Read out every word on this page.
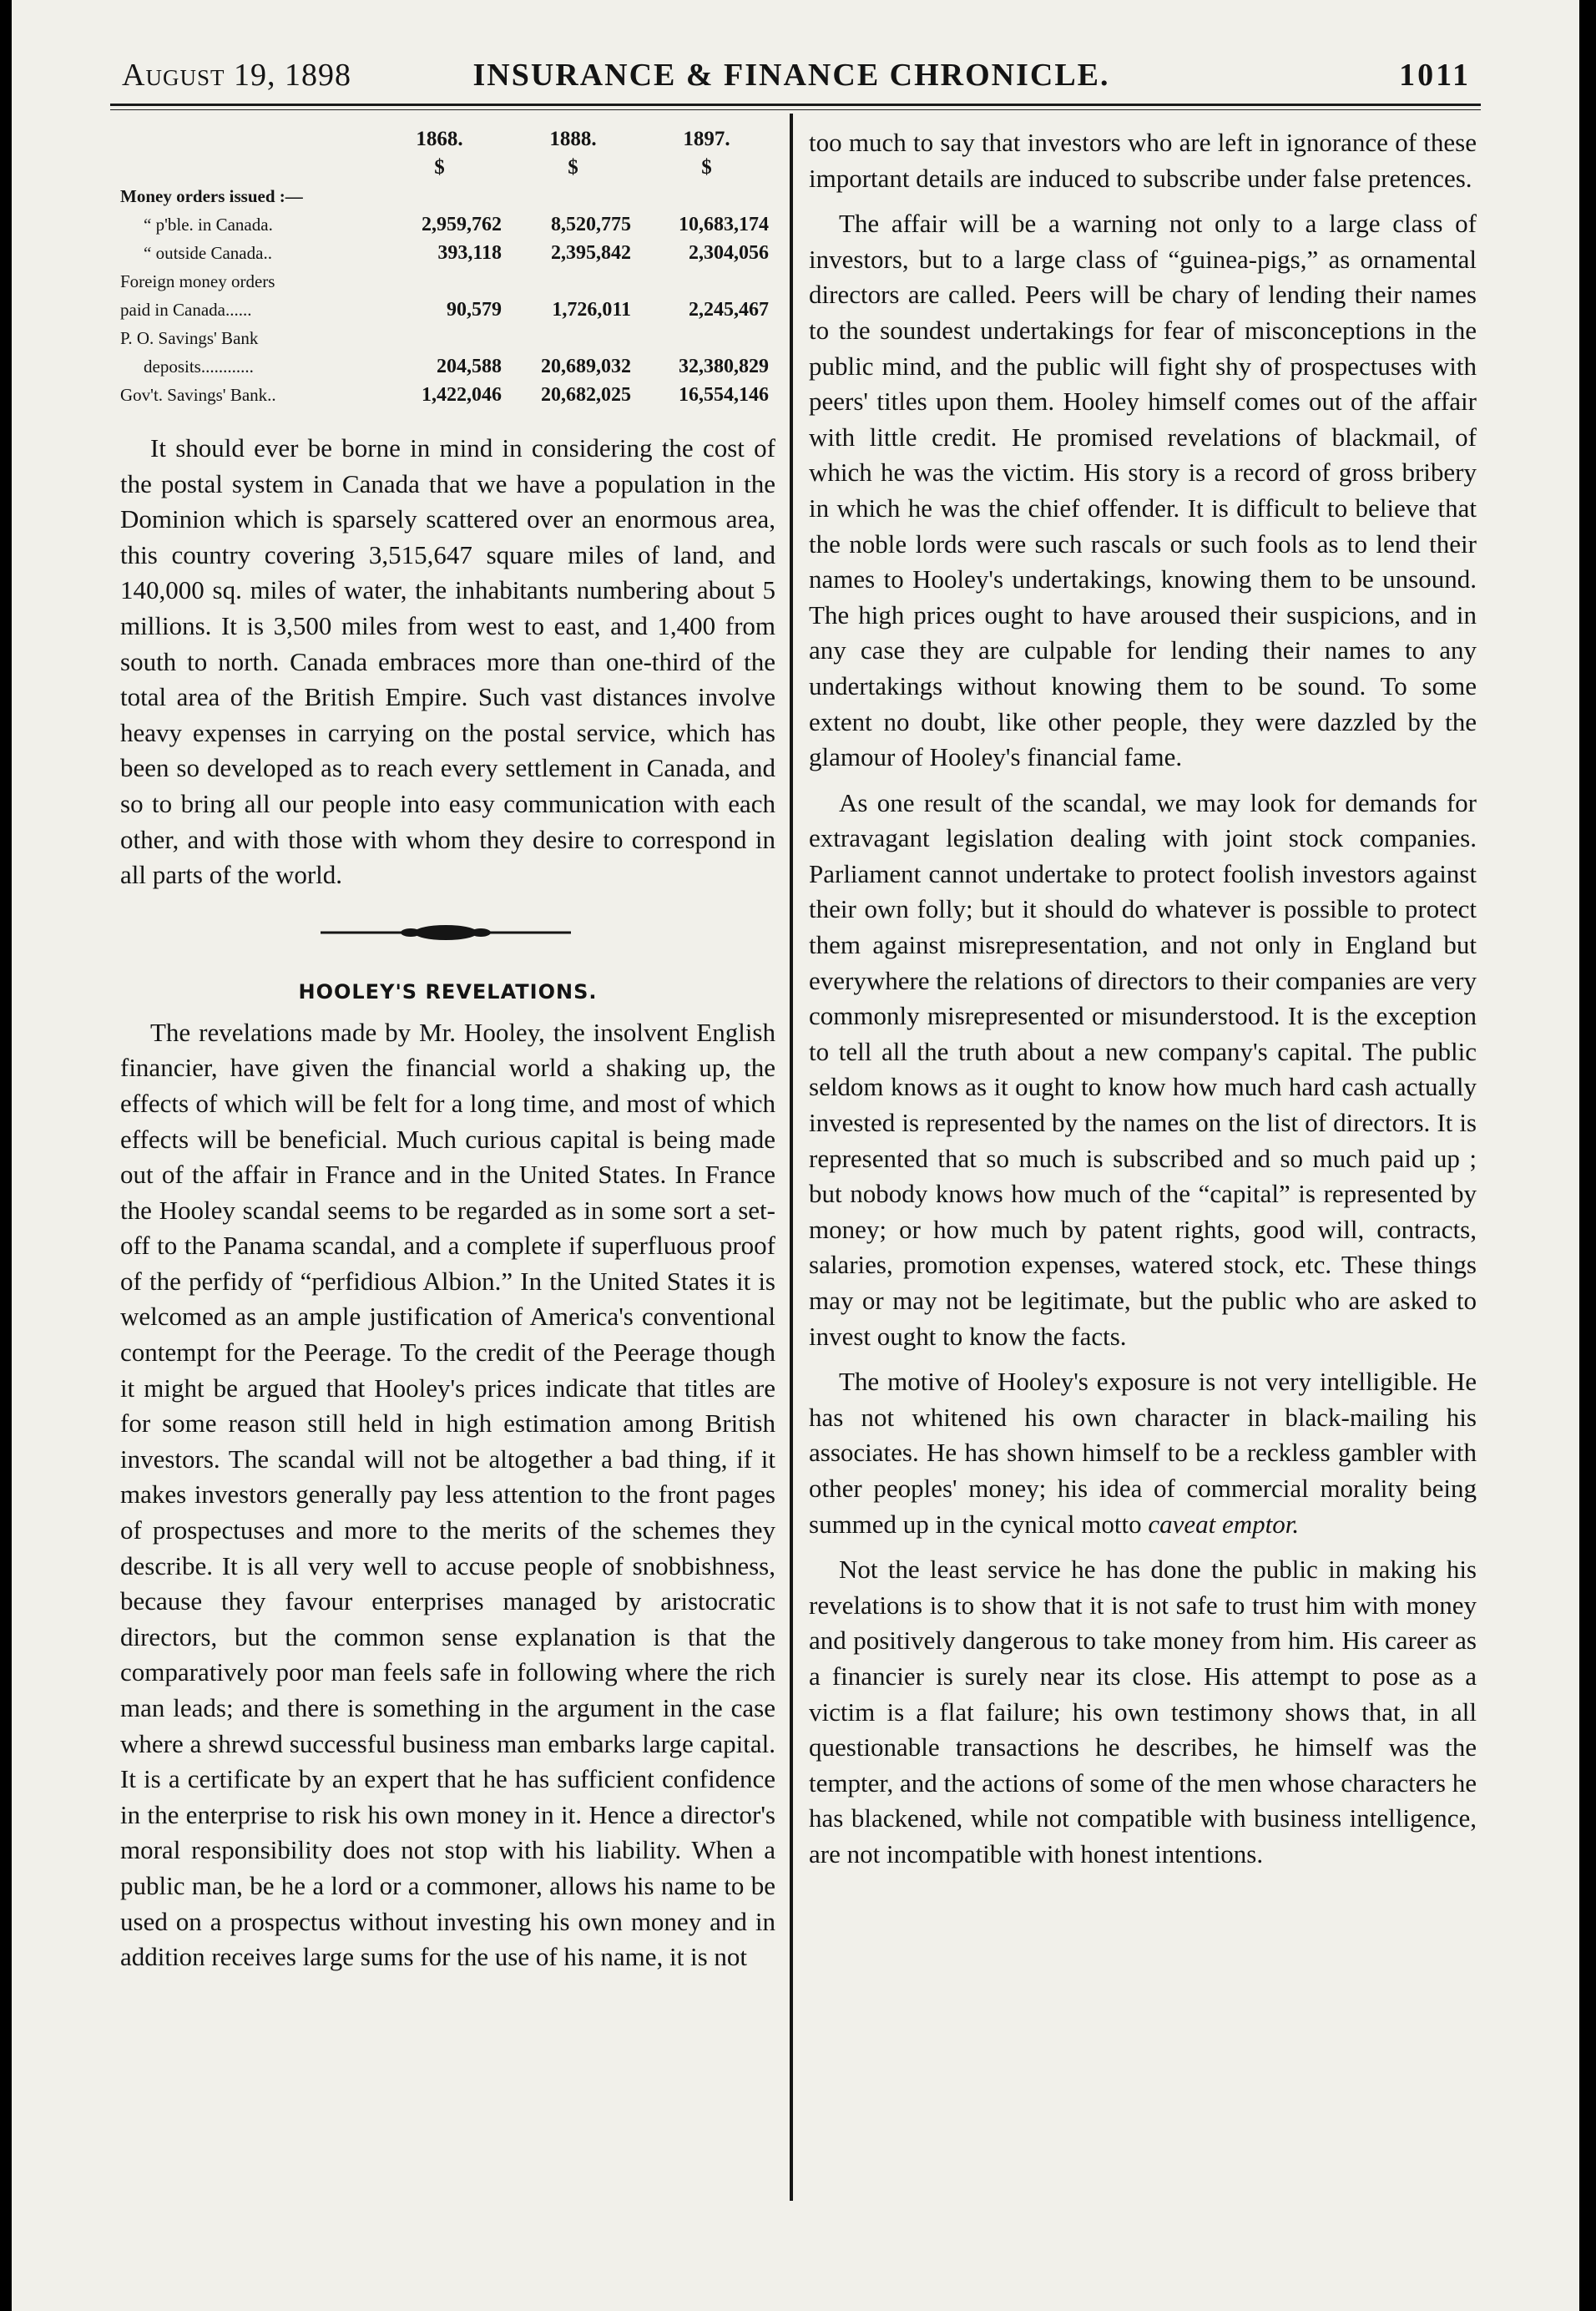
August 19, 1898	INSURANCE & FINANCE CHRONICLE.	1011
	1868.	1888.	1897.
	$	$	$
Money orders issued :—			
“ p'ble. in Canada.	2,959,762	8,520,775	10,683,174
“ outside Canada..	393,118	2,395,842	2,304,056
Foreign money orders			
paid in Canada......	90,579	1,726,011	2,245,467
P. O. Savings' Bank			
deposits............	204,588	20,689,032	32,380,829
Gov't. Savings' Bank..	1,422,046	20,682,025	16,554,146

It should ever be borne in mind in considering the cost of the postal system in Canada that we have a population in the Dominion which is sparsely scattered over an enormous area, this country covering 3,515,647 square miles of land, and 140,000 sq. miles of water, the inhabitants numbering about 5 millions. It is 3,500 miles from west to east, and 1,400 from south to north. Canada embraces more than one-third of the total area of the British Empire. Such vast distances involve heavy expenses in carrying on the postal service, which has been so developed as to reach every settlement in Canada, and so to bring all our people into easy communication with each other, and with those with whom they desire to correspond in all parts of the world.

HOOLEY'S REVELATIONS.

The revelations made by Mr. Hooley, the insolvent English financier, have given the financial world a shaking up, the effects of which will be felt for a long time, and most of which effects will be beneficial. Much curious capital is being made out of the affair in France and in the United States. In France the Hooley scandal seems to be regarded as in some sort a set-off to the Panama scandal, and a complete if superfluous proof of the perfidy of “perfidious Albion.” In the United States it is welcomed as an ample justification of America's conventional contempt for the Peerage. To the credit of the Peerage though it might be argued that Hooley's prices indicate that titles are for some reason still held in high estimation among British investors. The scandal will not be altogether a bad thing, if it makes investors generally pay less attention to the front pages of prospectuses and more to the merits of the schemes they describe. It is all very well to accuse people of snobbishness, because they favour enterprises managed by aristocratic directors, but the common sense explanation is that the comparatively poor man feels safe in following where the rich man leads; and there is something in the argument in the case where a shrewd successful business man embarks large capital. It is a certificate by an expert that he has sufficient confidence in the enterprise to risk his own money in it. Hence a director's moral responsibility does not stop with his liability. When a public man, be he a lord or a commoner, allows his name to be used on a prospectus without investing his own money and in addition receives large sums for the use of his name, it is not

too much to say that investors who are left in ignorance of these important details are induced to subscribe under false pretences.

The affair will be a warning not only to a large class of investors, but to a large class of “guinea-pigs,” as ornamental directors are called. Peers will be chary of lending their names to the soundest undertakings for fear of misconceptions in the public mind, and the public will fight shy of prospectuses with peers' titles upon them. Hooley himself comes out of the affair with little credit. He promised revelations of blackmail, of which he was the victim. His story is a record of gross bribery in which he was the chief offender. It is difficult to believe that the noble lords were such rascals or such fools as to lend their names to Hooley's undertakings, knowing them to be unsound. The high prices ought to have aroused their suspicions, and in any case they are culpable for lending their names to any undertakings without knowing them to be sound. To some extent no doubt, like other people, they were dazzled by the glamour of Hooley's financial fame.

As one result of the scandal, we may look for demands for extravagant legislation dealing with joint stock companies. Parliament cannot undertake to protect foolish investors against their own folly; but it should do whatever is possible to protect them against misrepresentation, and not only in England but everywhere the relations of directors to their companies are very commonly misrepresented or misunderstood. It is the exception to tell all the truth about a new company's capital. The public seldom knows as it ought to know how much hard cash actually invested is represented by the names on the list of directors. It is represented that so much is subscribed and so much paid up ; but nobody knows how much of the “capital” is represented by money; or how much by patent rights, good will, contracts, salaries, promotion expenses, watered stock, etc. These things may or may not be legitimate, but the public who are asked to invest ought to know the facts.

The motive of Hooley's exposure is not very intelligible. He has not whitened his own character in black-mailing his associates. He has shown himself to be a reckless gambler with other peoples' money; his idea of commercial morality being summed up in the cynical motto caveat emptor.

Not the least service he has done the public in making his revelations is to show that it is not safe to trust him with money and positively dangerous to take money from him. His career as a financier is surely near its close. His attempt to pose as a victim is a flat failure; his own testimony shows that, in all questionable transactions he describes, he himself was the tempter, and the actions of some of the men whose characters he has blackened, while not compatible with business intelligence, are not incompatible with honest intentions.
